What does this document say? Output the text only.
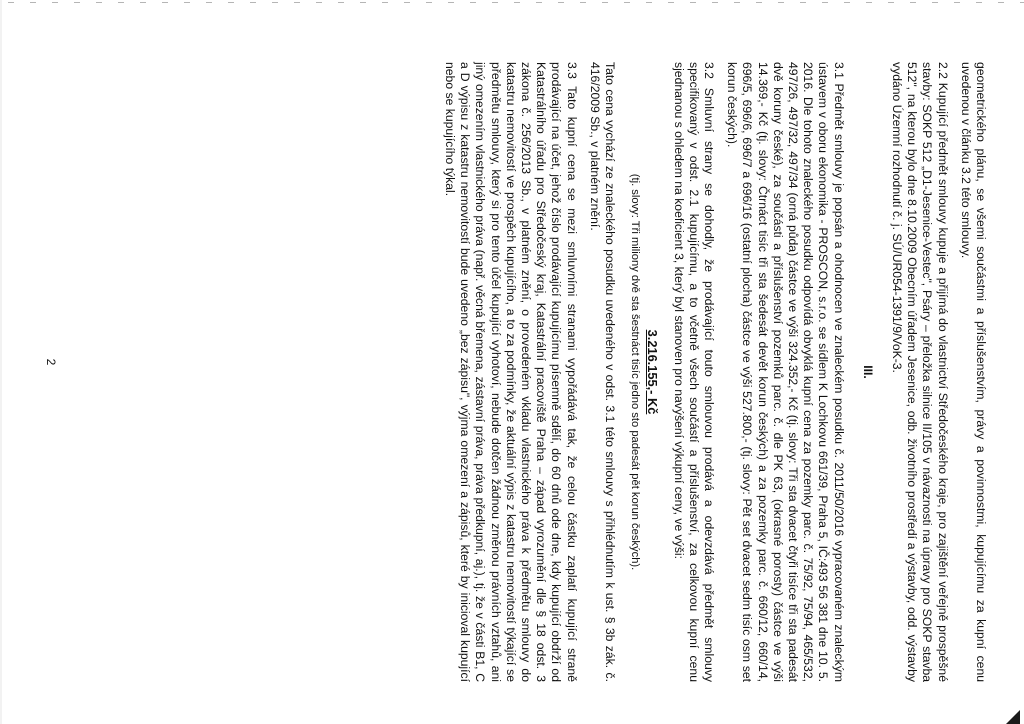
geometrického plánu, se všemi součástmi a příslušenstvím, právy a povinnostmi, kupujícímu za kupní cenu uvedenou v článku 3.2 této smlouvy.

2.2 Kupující předmět smlouvy kupuje a přijímá do vlastnictví Středočeského kraje, pro zajištění veřejně prospěšné stavby: SOKP 512 „D1-Jesenice-Vestec", Psáry – přeložka silnice II/105 v návaznosti na úpravy pro SOKP stavba 512", na kterou bylo dne 8.10.2009 Obecním úřadem Jesenice, odb. životního prostředí a výstavby, odd. výstavby vydáno Územní rozhodnutí č. j. SÚ/UR054-1391/9/VoK-3.

III.

3.1 Předmět smlouvy je popsán a ohodnocen ve znaleckém posudku č. 2011/50/2016 vypracovaném znaleckým ústavem v oboru ekonomika - PROSCON, s.r.o. se sídlem K Lochkovu 661/39, Praha 5, IČ:493 56 381 dne 10. 5. 2016. Dle tohoto znaleckého posudku odpovídá obvyklá kupní cena za pozemky parc. č. 75/92, 75/94, 465/532, 497/26, 497/32, 497/34 (orná půda) částce ve výši 324.352,- Kč (tj. slovy: Tři sta dvacet čtyři tisíce tři sta padesát dvě koruny české), za součásti a příslušenství pozemků parc. č. dle PK 63, (okrasné porosty) částce ve výši 14.369,- Kč (tj. slovy: Čtrnáct tisíc tři sta šedesát devět korun českých) a za pozemky parc. č. 660/12, 660/14, 696/5, 696/6, 696/7 a 696/16 (ostatní plocha) částce ve výši 527.800,- (tj. slovy: Pět set dvacet sedm tisíc osm set korun českých).

3.2 Smluvní strany se dohodly, že prodávající touto smlouvou prodává a odevzdává předmět smlouvy specifikovaný v odst. 2.1 kupujícímu, a to včetně všech součástí a příslušenství, za celkovou kupní cenu sjednanou s ohledem na koeficient 3, který byl stanoven pro navýšení výkupní ceny, ve výši:

3.216.155,- Kč
(tj. slovy: Tři miliony dvě sta šestnáct tisíc jedno sto padesát pět korun českých).

Tato cena vychází ze znaleckého posudku uvedeného v odst. 3.1 této smlouvy s přihlédnutím k ust. § 3b zák. č. 416/2009 Sb., v platném znění.

3.3 Tato kupní cena se mezi smluvními stranami vypořádává tak, že celou částku zaplatí kupující straně prodávající na účet, jehož číslo prodávající kupujícímu písemně sdělí, do 60 dnů ode dne, kdy kupující obdrží od Katastrálního úřadu pro Středočeský kraj, Katastrální pracoviště Praha – západ vyrozumění dle § 18 odst. 3 zákona č. 256/2013 Sb., v platném znění, o provedeném vkladu vlastnického práva k předmětu smlouvy do katastru nemovitostí ve prospěch kupujícího, a to za podmínky, že aktuální výpis z katastru nemovitostí týkající se předmětu smlouvy, který si pro tento účel kupující vyhotoví, nebude dotčen žádnou změnou právních vztahů, ani jiný omezením vlastnického práva (např. věcná břemena, zástavní práva, práva předkupní, aj.), tj. že v části B1, C a D výpisu z katastru nemovitostí bude uvedeno „bez zápisu", výjma omezení a zápisů, které by inicioval kupující nebo se kupujícího týkal.

2
